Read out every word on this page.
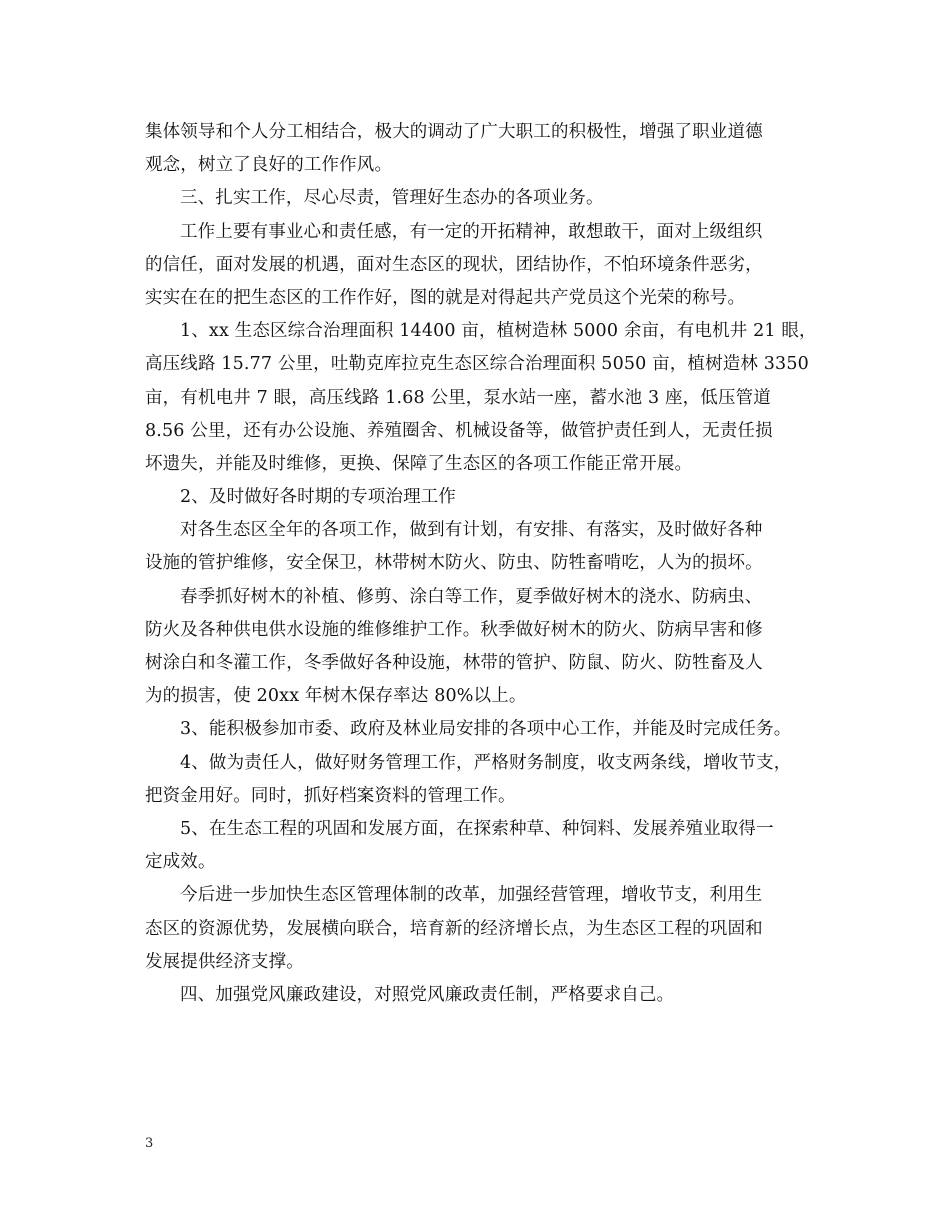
集体领导和个人分工相结合，极大的调动了广大职工的积极性，增强了职业道德
观念，树立了良好的工作作风。
三、扎实工作，尽心尽责，管理好生态办的各项业务。
工作上要有事业心和责任感，有一定的开拓精神，敢想敢干，面对上级组织
的信任，面对发展的机遇，面对生态区的现状，团结协作，不怕环境条件恶劣，
实实在在的把生态区的工作作好，图的就是对得起共产党员这个光荣的称号。
1、xx 生态区综合治理面积 14400 亩，植树造林 5000 余亩，有电机井 21 眼，
高压线路 15.77 公里，吐勒克库拉克生态区综合治理面积 5050 亩，植树造林 3350
亩，有机电井 7 眼，高压线路 1.68 公里，泵水站一座，蓄水池 3 座，低压管道
8.56 公里，还有办公设施、养殖圈舍、机械设备等，做管护责任到人，无责任损
坏遗失，并能及时维修，更换、保障了生态区的各项工作能正常开展。
2、及时做好各时期的专项治理工作
对各生态区全年的各项工作，做到有计划，有安排、有落实，及时做好各种
设施的管护维修，安全保卫，林带树木防火、防虫、防牲畜啃吃，人为的损坏。
春季抓好树木的补植、修剪、涂白等工作，夏季做好树木的浇水、防病虫、
防火及各种供电供水设施的维修维护工作。秋季做好树木的防火、防病早害和修
树涂白和冬灌工作，冬季做好各种设施，林带的管护、防鼠、防火、防牲畜及人
为的损害，使 20xx 年树木保存率达 80%以上。
3、能积极参加市委、政府及林业局安排的各项中心工作，并能及时完成任务。
4、做为责任人，做好财务管理工作，严格财务制度，收支两条线，增收节支，
把资金用好。同时，抓好档案资料的管理工作。
5、在生态工程的巩固和发展方面，在探索种草、种饲料、发展养殖业取得一
定成效。
今后进一步加快生态区管理体制的改革，加强经营管理，增收节支，利用生
态区的资源优势，发展横向联合，培育新的经济增长点，为生态区工程的巩固和
发展提供经济支撑。
四、加强党风廉政建设，对照党风廉政责任制，严格要求自己。
3
